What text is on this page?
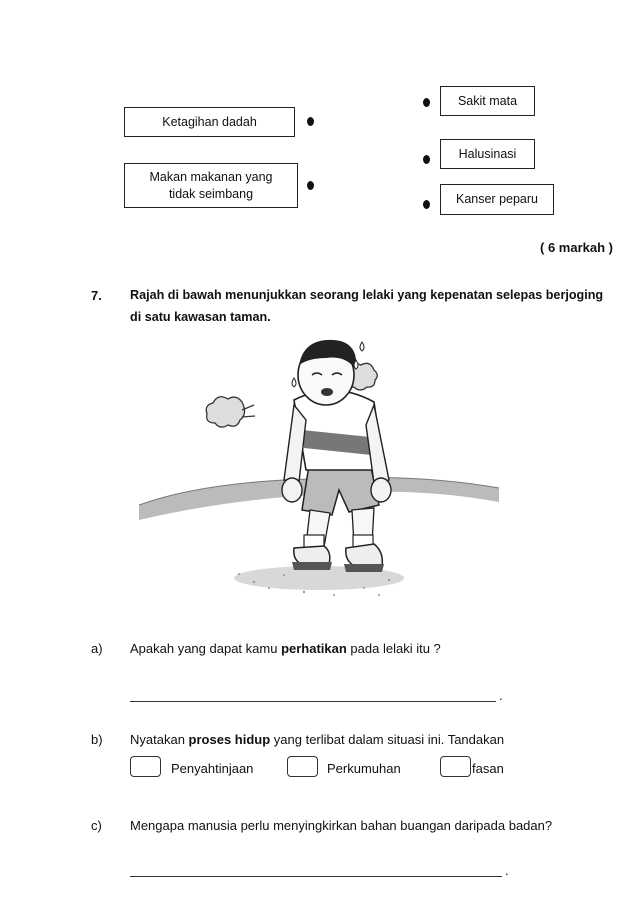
Ketagihan dadah
Makan makanan yang
tidak seimbang
Sakit mata
Halusinasi
Kanser peparu
( 6 markah )
7. Rajah di bawah menunjukkan seorang lelaki yang kepenatan selepas berjoging
di satu kawasan taman.
a) Apakah yang dapat kamu perhatikan pada lelaki itu ?
.
b) Nyatakan proses hidup yang terlibat dalam situasi ini. Tandakan
Penyahtinjaan	Perkumuhan	fasan
c) Mengapa manusia perlu menyingkirkan bahan buangan daripada badan?
.
